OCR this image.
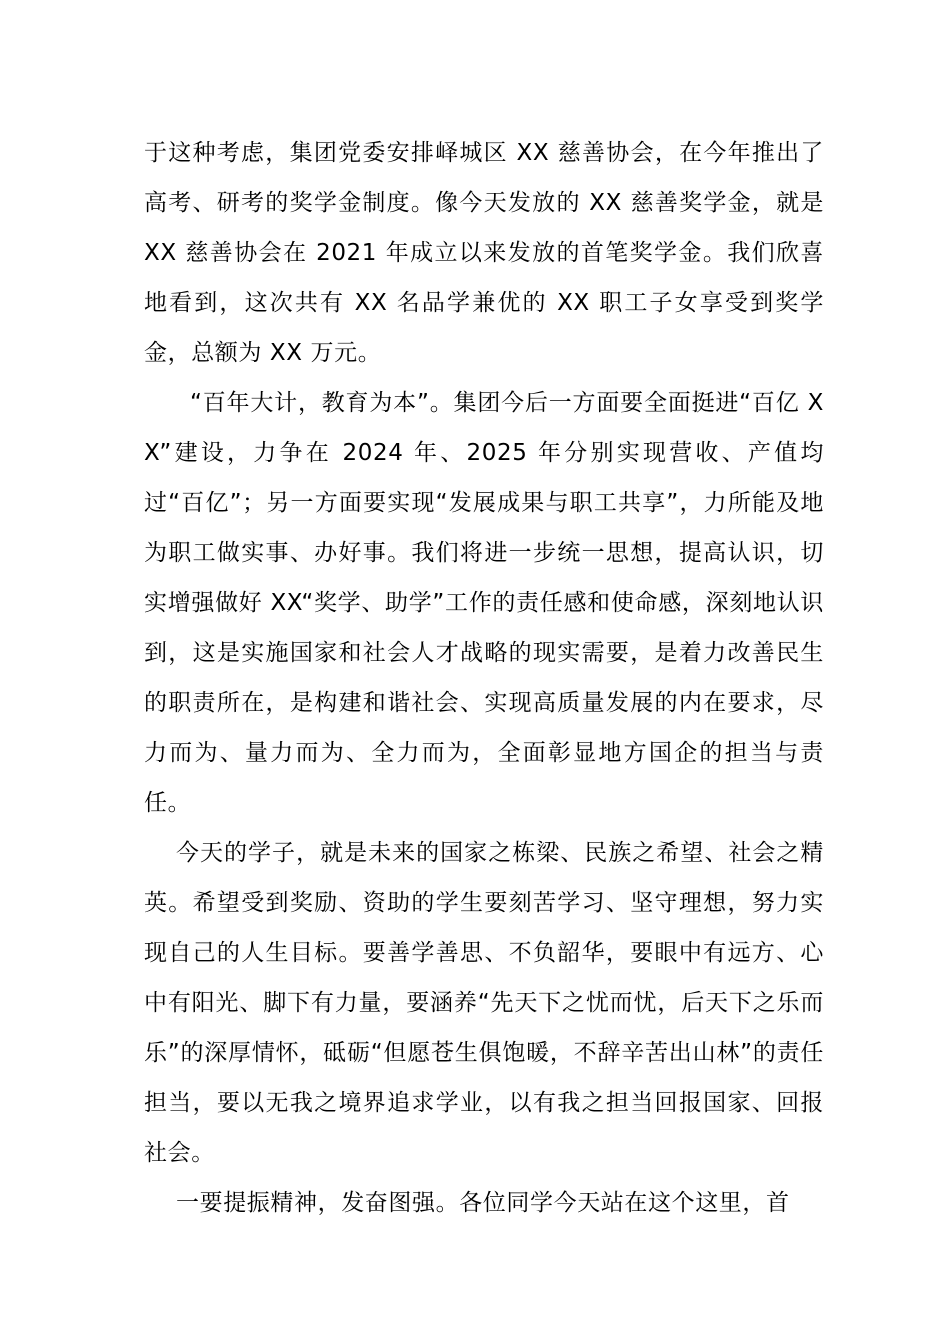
于这种考虑，集团党委安排峄城区 XX 慈善协会，在今年推出了高考、研考的奖学金制度。像今天发放的 XX 慈善奖学金，就是 XX 慈善协会在 2021 年成立以来发放的首笔奖学金。我们欣喜地看到，这次共有 XX 名品学兼优的 XX 职工子女享受到奖学金，总额为 XX 万元。

“百年大计，教育为本”。集团今后一方面要全面挺进“百亿 XX”建设，力争在 2024 年、2025 年分别实现营收、产值均过“百亿”；另一方面要实现“发展成果与职工共享”，力所能及地为职工做实事、办好事。我们将进一步统一思想，提高认识，切实增强做好 XX“奖学、助学”工作的责任感和使命感，深刻地认识到，这是实施国家和社会人才战略的现实需要，是着力改善民生的职责所在，是构建和谐社会、实现高质量发展的内在要求，尽力而为、量力而为、全力而为，全面彰显地方国企的担当与责任。

今天的学子，就是未来的国家之栋梁、民族之希望、社会之精英。希望受到奖励、资助的学生要刻苦学习、坚守理想，努力实现自己的人生目标。要善学善思、不负韶华，要眼中有远方、心中有阳光、脚下有力量，要涵养“先天下之忧而忧，后天下之乐而乐”的深厚情怀，砥砺“但愿苍生俱饱暖，不辞辛苦出山林”的责任担当，要以无我之境界追求学业，以有我之担当回报国家、回报社会。

一要提振精神，发奋图强。各位同学今天站在这个这里，首
